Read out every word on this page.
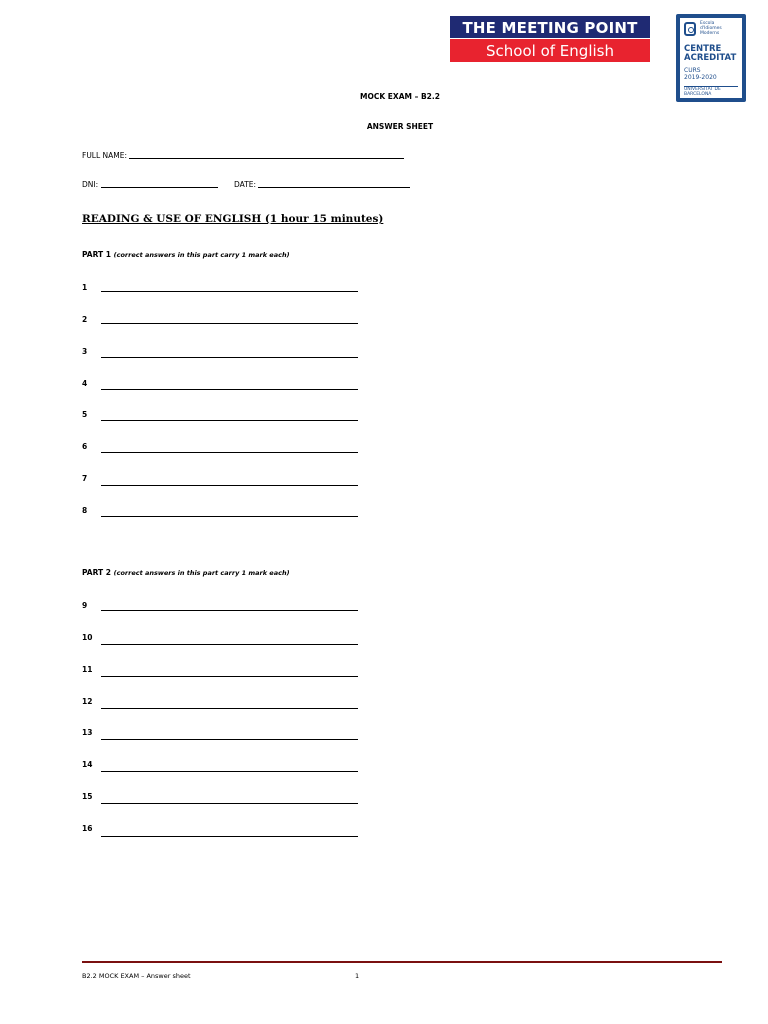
THE MEETING POINT
School of English
Escola
d'Idiomes
Moderns
CENTRE
ACREDITAT
CURS
2019-2020
UNIVERSITAT DE
BARCELONA
MOCK EXAM – B2.2
ANSWER SHEET
FULL NAME:
DNI:	DATE:
READING & USE OF ENGLISH (1 hour 15 minutes)
PART 1 (correct answers in this part carry 1 mark each)
1
2
3
4
5
6
7
8
PART 2 (correct answers in this part carry 1 mark each)
9
10
11
12
13
14
15
16
B2.2 MOCK EXAM – Answer sheet	1
